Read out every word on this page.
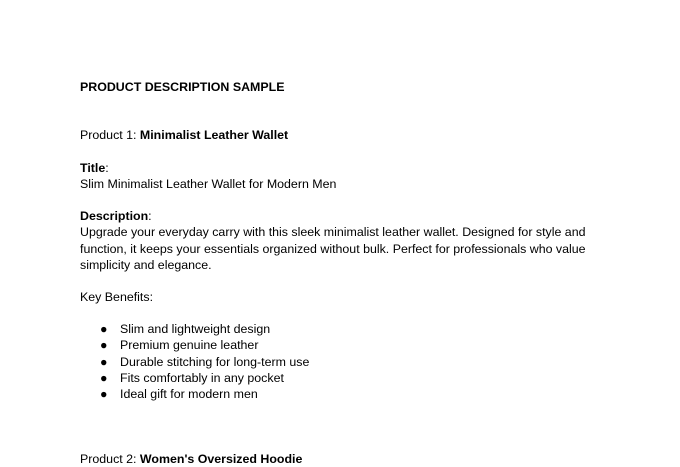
PRODUCT DESCRIPTION SAMPLE
Product 1: Minimalist Leather Wallet
Title:
Slim Minimalist Leather Wallet for Modern Men
Description:
Upgrade your everyday carry with this sleek minimalist leather wallet. Designed for style and
function, it keeps your essentials organized without bulk. Perfect for professionals who value
simplicity and elegance.
Key Benefits:
● Slim and lightweight design
● Premium genuine leather
● Durable stitching for long-term use
● Fits comfortably in any pocket
● Ideal gift for modern men
Product 2: Women's Oversized Hoodie
